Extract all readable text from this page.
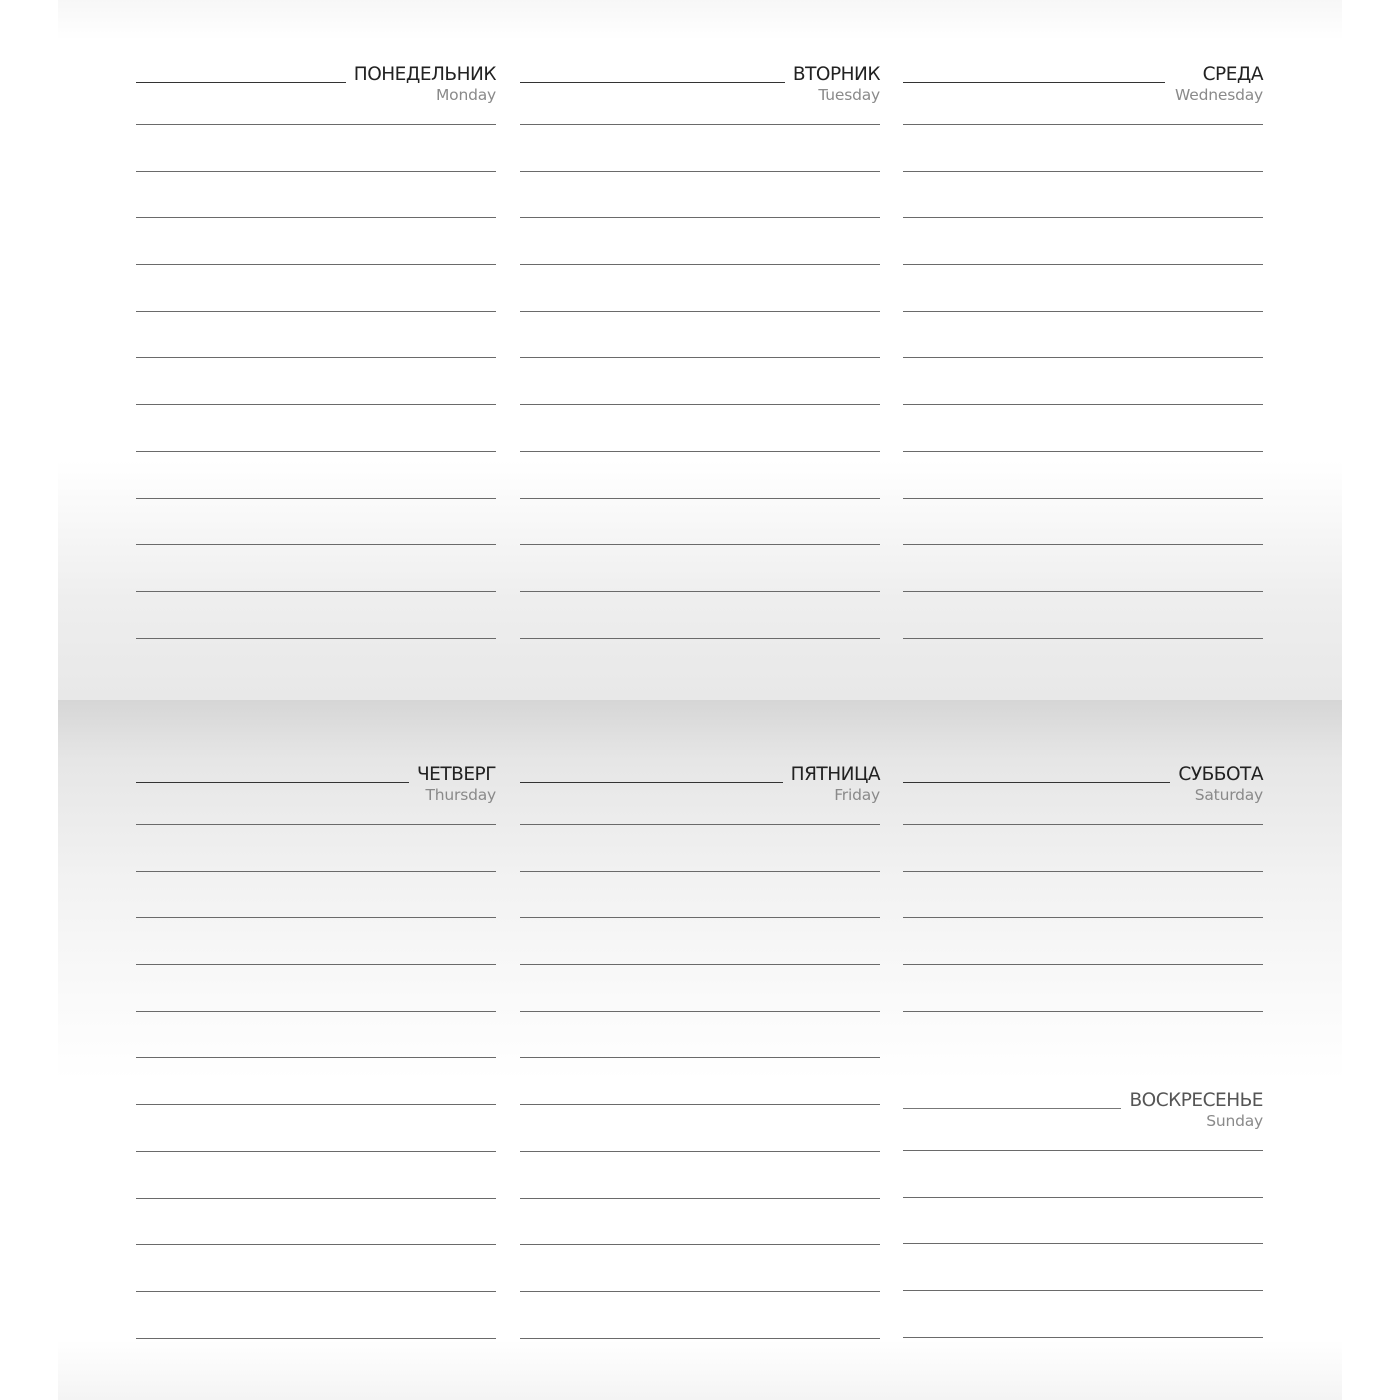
ПОНЕДЕЛЬНИК
Monday
ВТОРНИК
Tuesday
СРЕДА
Wednesday
ЧЕТВЕРГ
Thursday
ПЯТНИЦА
Friday
СУББОТА
Saturday
ВОСКРЕСЕНЬЕ
Sunday
